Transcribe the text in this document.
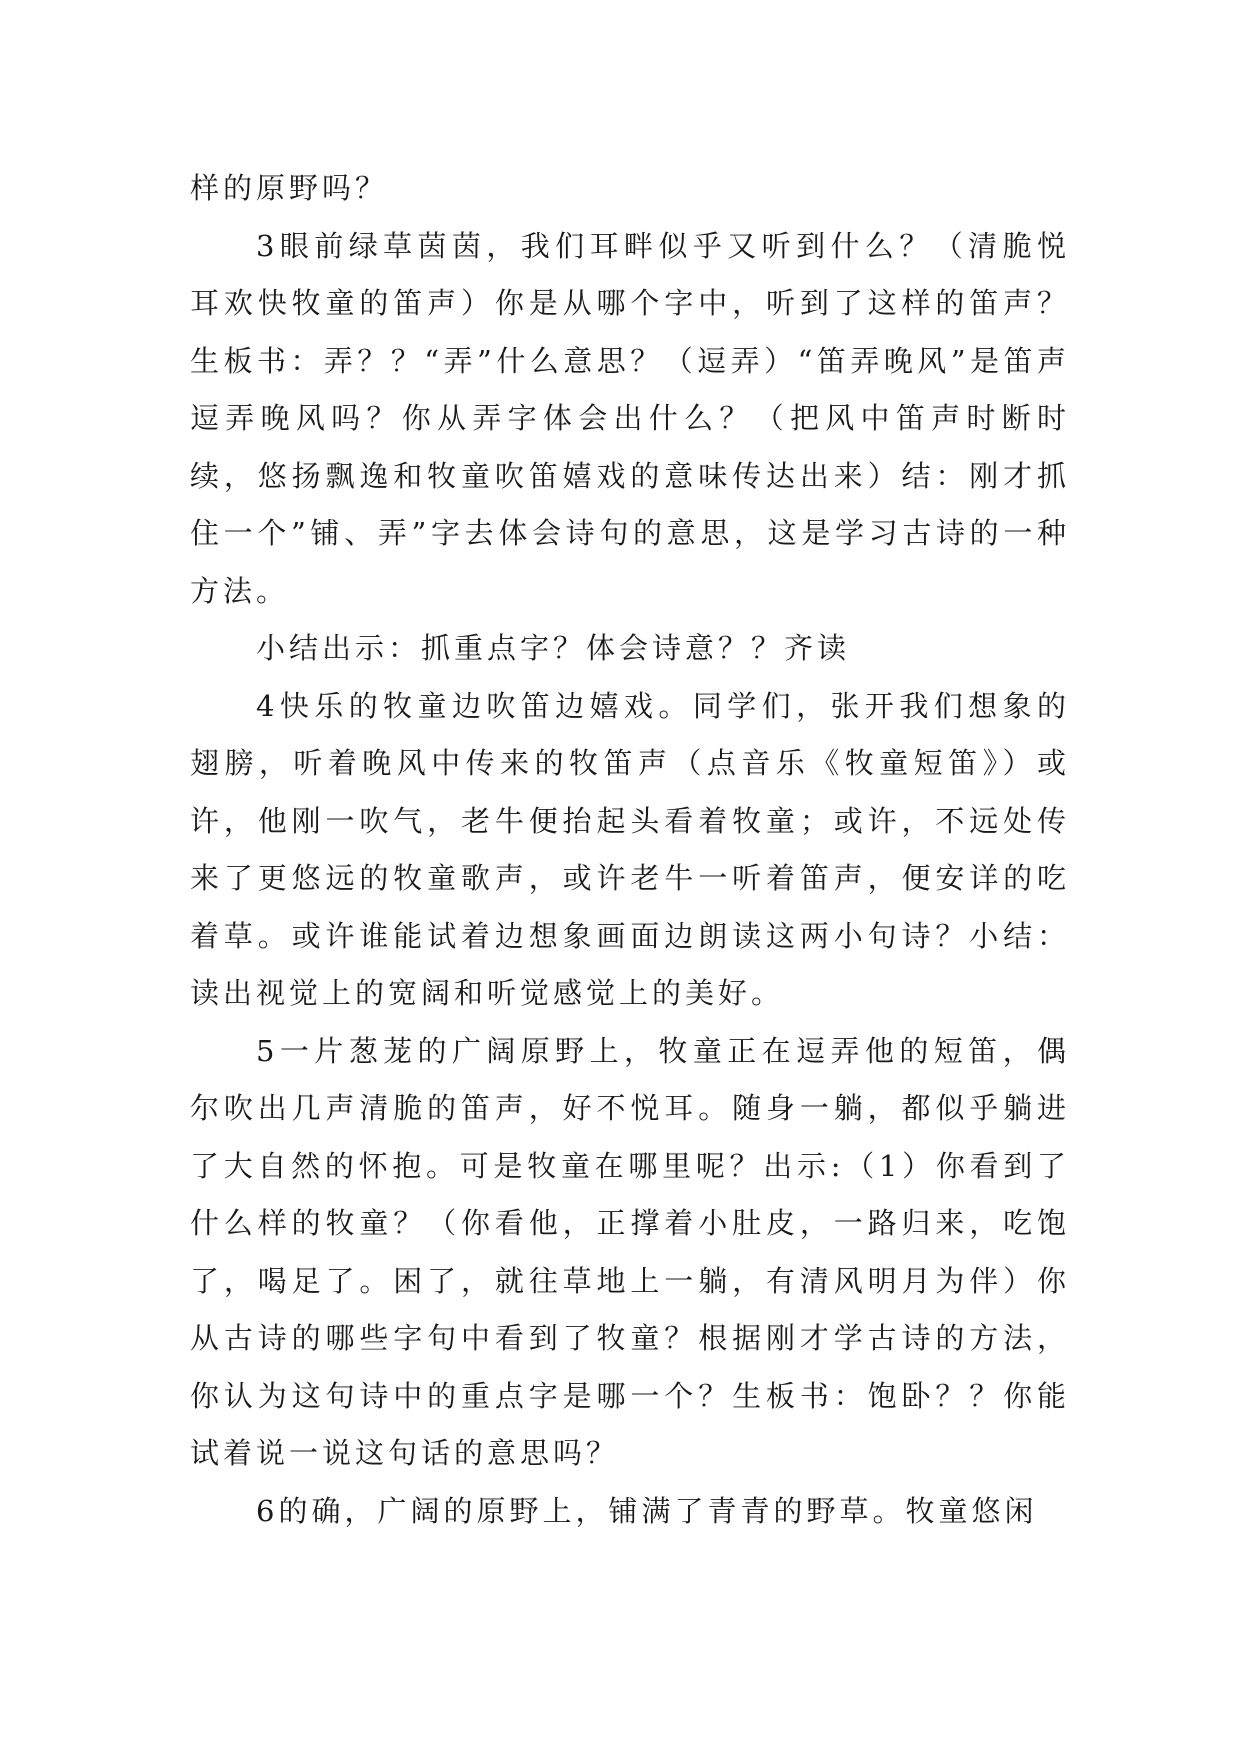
样的原野吗？

3眼前绿草茵茵，我们耳畔似乎又听到什么？（清脆悦耳欢快牧童的笛声）你是从哪个字中，听到了这样的笛声？生板书：弄？？“弄”什么意思？（逗弄）“笛弄晚风”是笛声逗弄晚风吗？你从弄字体会出什么？（把风中笛声时断时续，悠扬飘逸和牧童吹笛嬉戏的意味传达出来）结：刚才抓住一个”铺、弄”字去体会诗句的意思，这是学习古诗的一种方法。

小结出示：抓重点字？体会诗意？？齐读

4快乐的牧童边吹笛边嬉戏。同学们，张开我们想象的翅膀，听着晚风中传来的牧笛声（点音乐《牧童短笛》）或许，他刚一吹气，老牛便抬起头看着牧童；或许，不远处传来了更悠远的牧童歌声，或许老牛一听着笛声，便安详的吃着草。或许谁能试着边想象画面边朗读这两小句诗？小结：读出视觉上的宽阔和听觉感觉上的美好。

5一片葱茏的广阔原野上，牧童正在逗弄他的短笛，偶尔吹出几声清脆的笛声，好不悦耳。随身一躺，都似乎躺进了大自然的怀抱。可是牧童在哪里呢？出示:（1）你看到了什么样的牧童？（你看他，正撑着小肚皮，一路归来，吃饱了，喝足了。困了，就往草地上一躺，有清风明月为伴）你从古诗的哪些字句中看到了牧童？根据刚才学古诗的方法，你认为这句诗中的重点字是哪一个？生板书：饱卧？？你能试着说一说这句话的意思吗？

6的确，广阔的原野上，铺满了青青的野草。牧童悠闲
